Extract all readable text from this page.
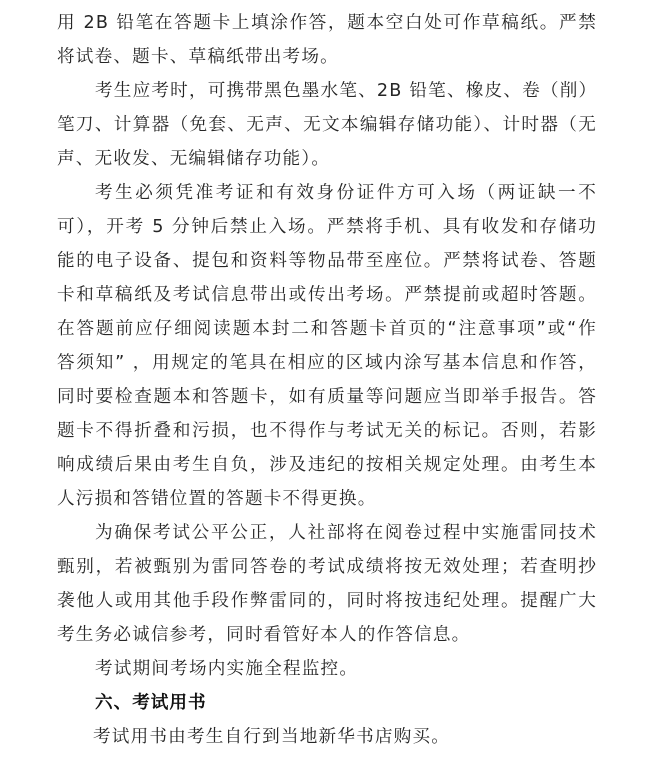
用 2B 铅笔在答题卡上填涂作答，题本空白处可作草稿纸。严禁
将试卷、题卡、草稿纸带出考场。
考生应考时，可携带黑色墨水笔、2B 铅笔、橡皮、卷（削）
笔刀、计算器（免套、无声、无文本编辑存储功能）、计时器（无
声、无收发、无编辑储存功能）。
考生必须凭准考证和有效身份证件方可入场（两证缺一不
可），开考 5 分钟后禁止入场。严禁将手机、具有收发和存储功
能的电子设备、提包和资料等物品带至座位。严禁将试卷、答题
卡和草稿纸及考试信息带出或传出考场。严禁提前或超时答题。
在答题前应仔细阅读题本封二和答题卡首页的“注意事项”或“作
答须知” ，用规定的笔具在相应的区域内涂写基本信息和作答，
同时要检查题本和答题卡，如有质量等问题应当即举手报告。答
题卡不得折叠和污损，也不得作与考试无关的标记。否则，若影
响成绩后果由考生自负，涉及违纪的按相关规定处理。由考生本
人污损和答错位置的答题卡不得更换。
为确保考试公平公正，人社部将在阅卷过程中实施雷同技术
甄别，若被甄别为雷同答卷的考试成绩将按无效处理；若查明抄
袭他人或用其他手段作弊雷同的，同时将按违纪处理。提醒广大
考生务必诚信参考，同时看管好本人的作答信息。
考试期间考场内实施全程监控。
六、考试用书
考试用书由考生自行到当地新华书店购买。
